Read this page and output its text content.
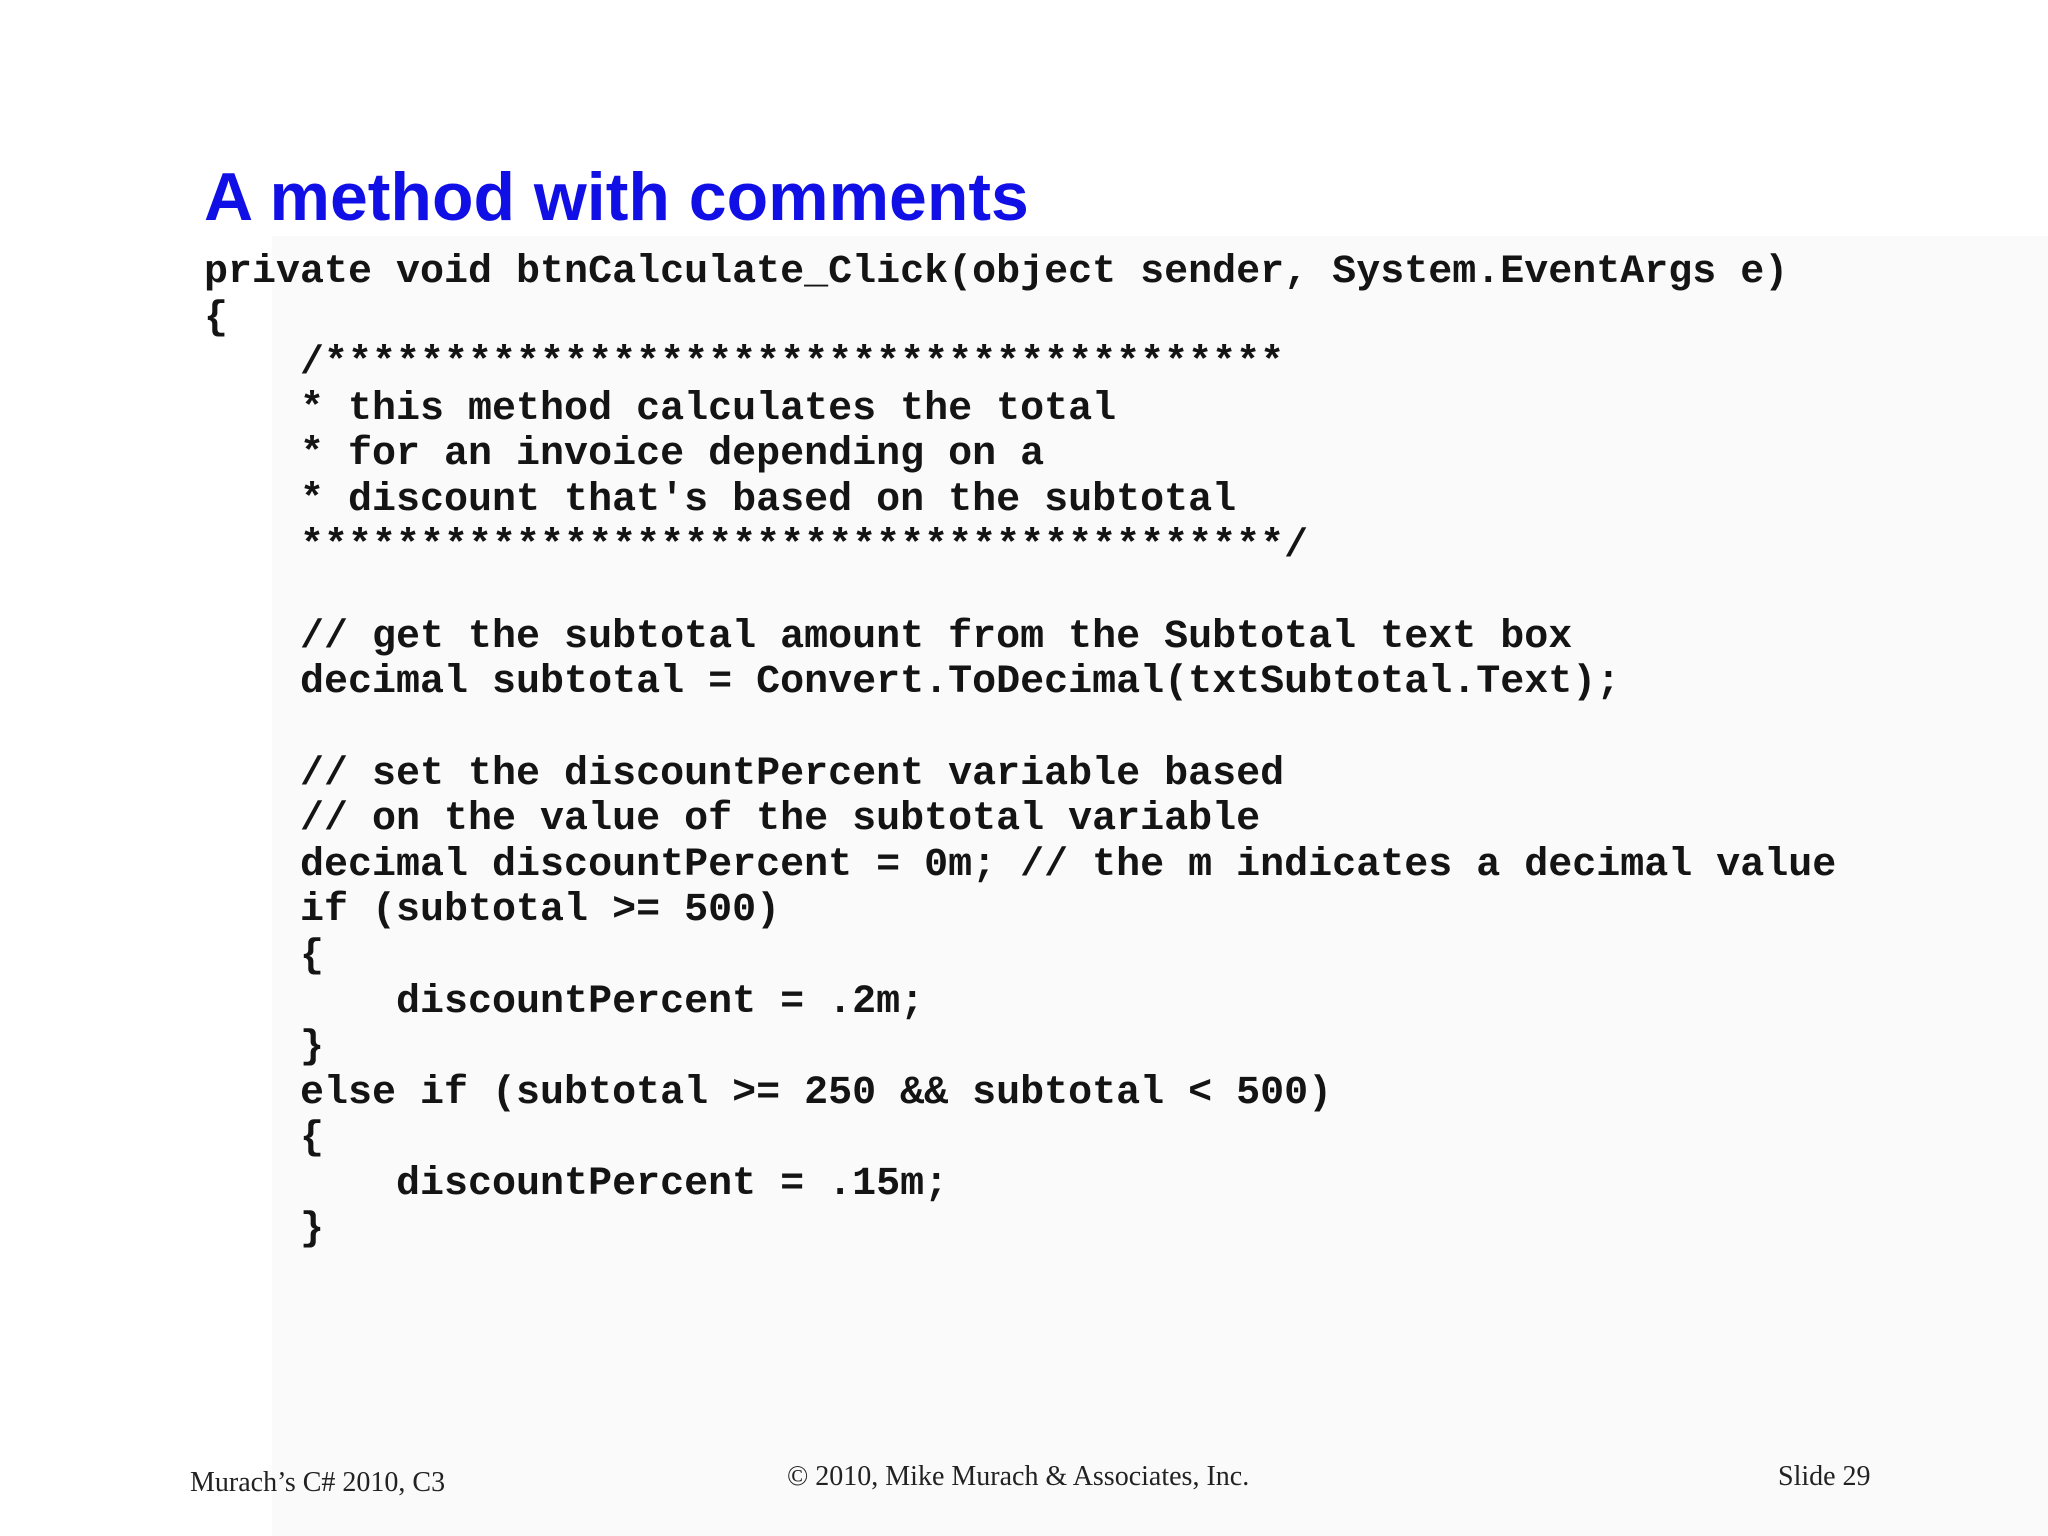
A method with comments
private void btnCalculate_Click(object sender, System.EventArgs e)
{
/****************************************
* this method calculates the total
* for an invoice depending on a
* discount that's based on the subtotal
*****************************************/
// get the subtotal amount from the Subtotal text box
decimal subtotal = Convert.ToDecimal(txtSubtotal.Text);
// set the discountPercent variable based
// on the value of the subtotal variable
decimal discountPercent = 0m; // the m indicates a decimal value
if (subtotal >= 500)
{
discountPercent = .2m;
}
else if (subtotal >= 250 && subtotal < 500)
{
discountPercent = .15m;
}
Murach’s C# 2010, C3	© 2010, Mike Murach & Associates, Inc.	Slide 29
